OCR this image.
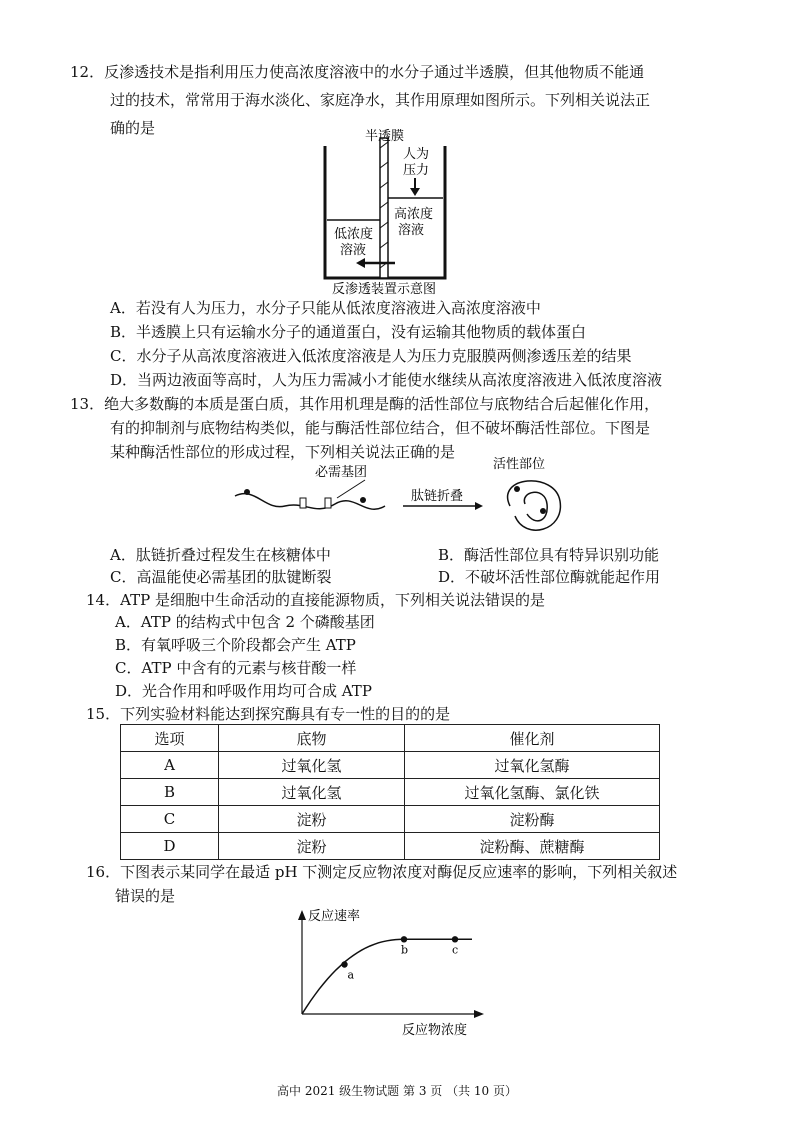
12．反渗透技术是指利用压力使高浓度溶液中的水分子通过半透膜，但其他物质不能通
过的技术，常常用于海水淡化、家庭净水，其作用原理如图所示。下列相关说法正
确的是	半透膜
人为
压力
高浓度
溶液
低浓度
溶液
反渗透装置示意图
A．若没有人为压力，水分子只能从低浓度溶液进入高浓度溶液中
B．半透膜上只有运输水分子的通道蛋白，没有运输其他物质的载体蛋白
C．水分子从高浓度溶液进入低浓度溶液是人为压力克服膜两侧渗透压差的结果
D．当两边液面等高时，人为压力需减小才能使水继续从高浓度溶液进入低浓度溶液
13．绝大多数酶的本质是蛋白质，其作用机理是酶的活性部位与底物结合后起催化作用，
有的抑制剂与底物结构类似，能与酶活性部位结合，但不破坏酶活性部位。下图是
某种酶活性部位的形成过程，下列相关说法正确的是
必需基团
肽链折叠
活性部位
A．肽链折叠过程发生在核糖体中	B．酶活性部位具有特异识别功能
C．高温能使必需基团的肽键断裂	D．不破坏活性部位酶就能起作用
14．ATP 是细胞中生命活动的直接能源物质，下列相关说法错误的是
A．ATP 的结构式中包含 2 个磷酸基团
B．有氧呼吸三个阶段都会产生 ATP
C．ATP 中含有的元素与核苷酸一样
D．光合作用和呼吸作用均可合成 ATP
15．下列实验材料能达到探究酶具有专一性的目的的是
选项	底物	催化剂
A	过氧化氢	过氧化氢酶
B	过氧化氢	过氧化氢酶、氯化铁
C	淀粉	淀粉酶
D	淀粉	淀粉酶、蔗糖酶
16．下图表示某同学在最适 pH 下测定反应物浓度对酶促反应速率的影响，下列相关叙述
错误的是
反应速率
反应物浓度
a
b	c
高中 2021 级生物试题 第 3 页 （共 10 页）
